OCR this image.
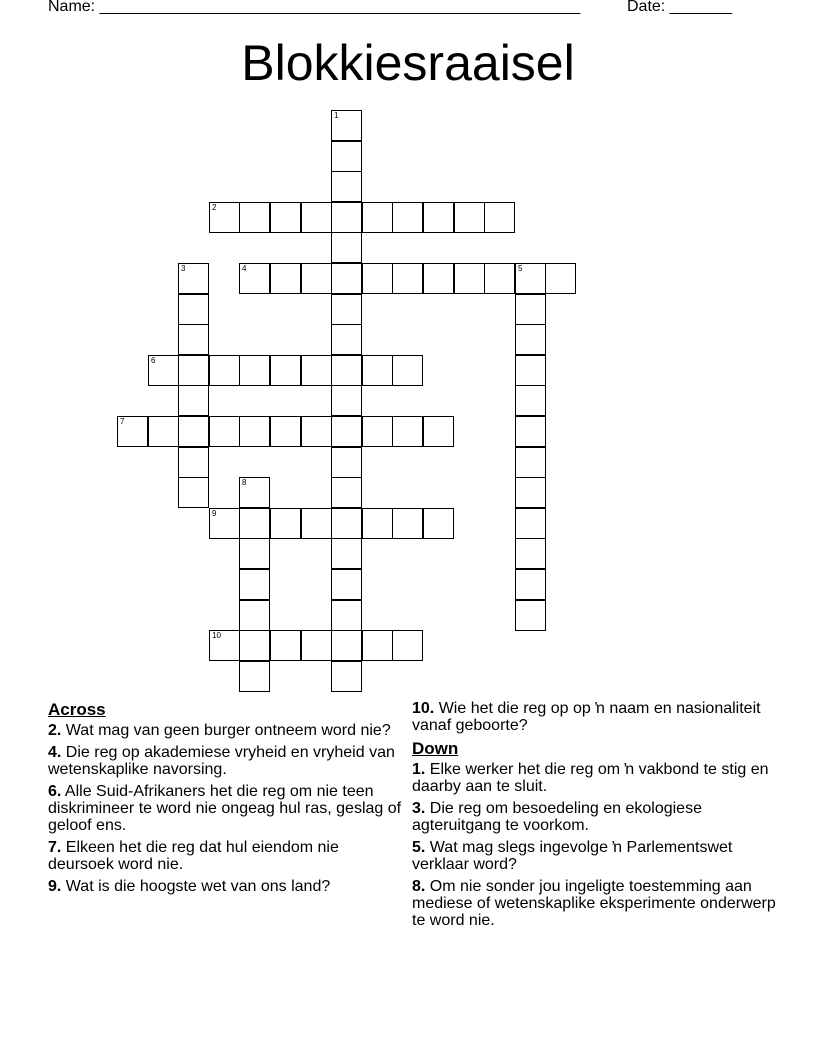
Name: ______________________________________________________	Date: _______
Blokkiesraaisel
1
2
3	4	5
6
7
8
9
10
Across
2. Wat mag van geen burger ontneem word nie?
4. Die reg op akademiese vryheid en vryheid van wetenskaplike navorsing.
6. Alle Suid-Afrikaners het die reg om nie teen diskrimineer te word nie ongeag hul ras, geslag of geloof ens.
7. Elkeen het die reg dat hul eiendom nie deursoek word nie.
9. Wat is die hoogste wet van ons land?
10. Wie het die reg op op ŉ naam en nasionaliteit vanaf geboorte?
Down
1. Elke werker het die reg om ŉ vakbond te stig en daarby aan te sluit.
3. Die reg om besoedeling en ekologiese agteruitgang te voorkom.
5. Wat mag slegs ingevolge ŉ Parlementswet verklaar word?
8. Om nie sonder jou ingeligte toestemming aan mediese of wetenskaplike eksperimente onderwerp te word nie.
